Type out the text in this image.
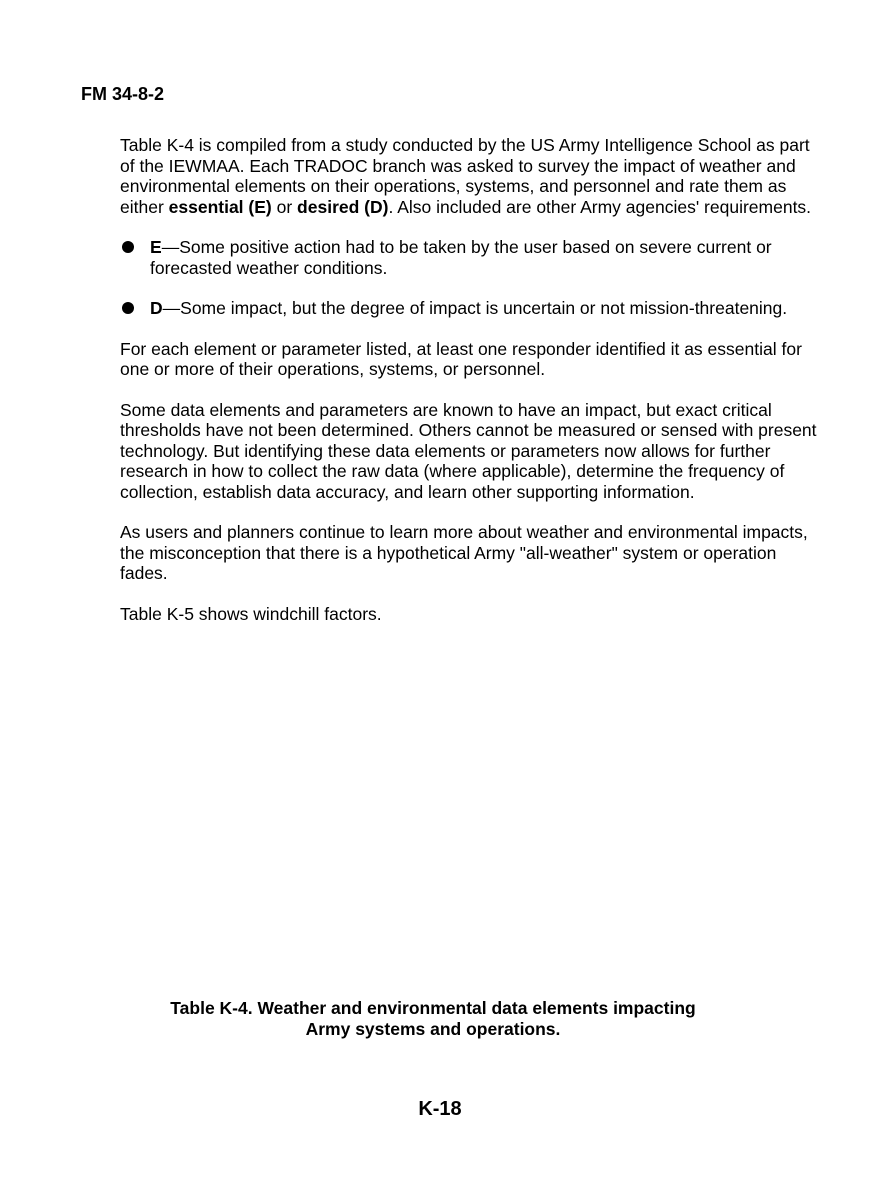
FM 34-8-2

Table K-4 is compiled from a study conducted by the US Army Intelligence School as part of the IEWMAA. Each TRADOC branch was asked to survey the impact of weather and environmental elements on their operations, systems, and personnel and rate them as either essential (E) or desired (D). Also included are other Army agencies' requirements.

E—Some positive action had to be taken by the user based on severe current or forecasted weather conditions.
D—Some impact, but the degree of impact is uncertain or not mission-threatening.

For each element or parameter listed, at least one responder identified it as essential for one or more of their operations, systems, or personnel.

Some data elements and parameters are known to have an impact, but exact critical thresholds have not been determined. Others cannot be measured or sensed with present technology. But identifying these data elements or parameters now allows for further research in how to collect the raw data (where applicable), determine the frequency of collection, establish data accuracy, and learn other supporting information.

As users and planners continue to learn more about weather and environmental impacts, the misconception that there is a hypothetical Army "all-weather" system or operation fades.

Table K-5 shows windchill factors.

Table K-4. Weather and environmental data elements impacting
Army systems and operations.
K-18
